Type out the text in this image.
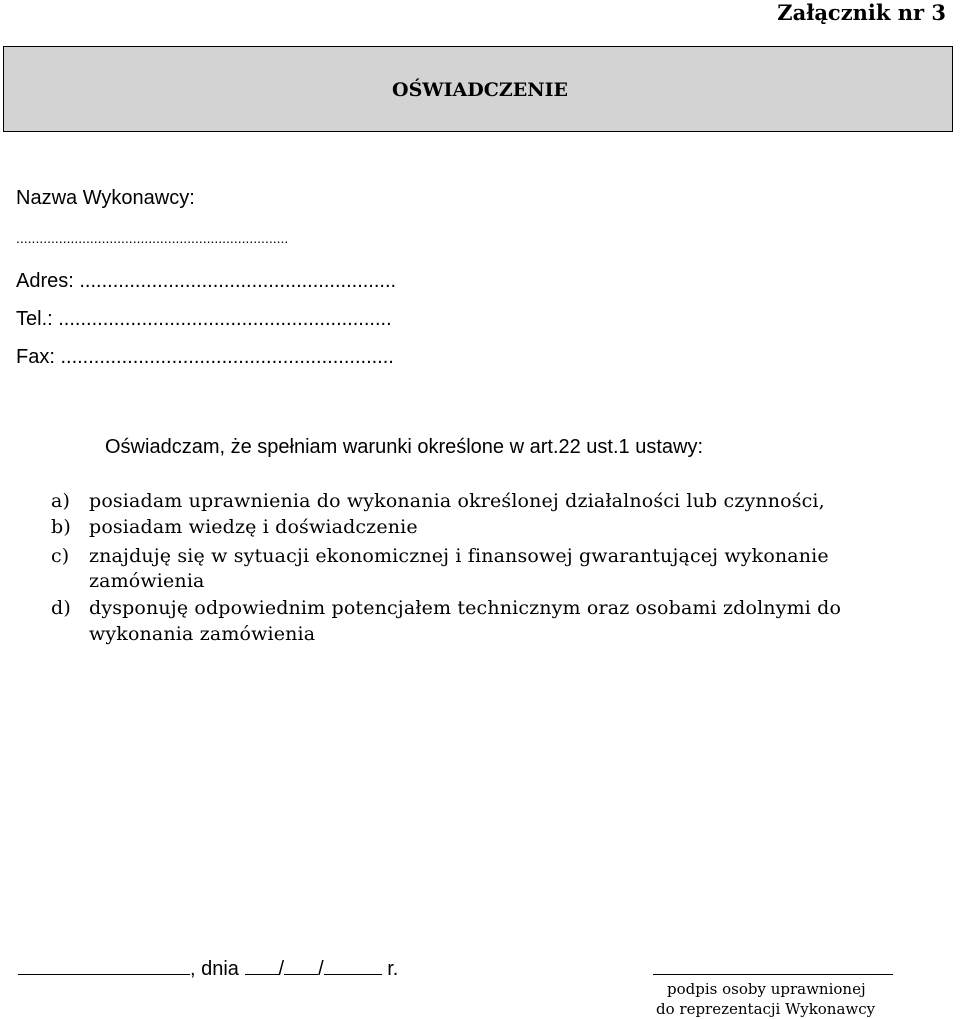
Załącznik nr 3
OŚWIADCZENIE
Nazwa Wykonawcy:
......................................................................
Adres: .........................................................
Tel.: ............................................................
Fax: ............................................................
Oświadczam, że spełniam warunki określone w art.22 ust.1 ustawy:
a) posiadam uprawnienia do wykonania określonej działalności lub czynności,
b) posiadam wiedzę i doświadczenie
c) znajduję się w sytuacji ekonomicznej i finansowej gwarantującej wykonanie
zamówienia
d) dysponuję odpowiednim potencjałem technicznym oraz osobami zdolnymi do
wykonania zamówienia
, dnia / /	r.
podpis osoby uprawnionej
do reprezentacji Wykonawcy
